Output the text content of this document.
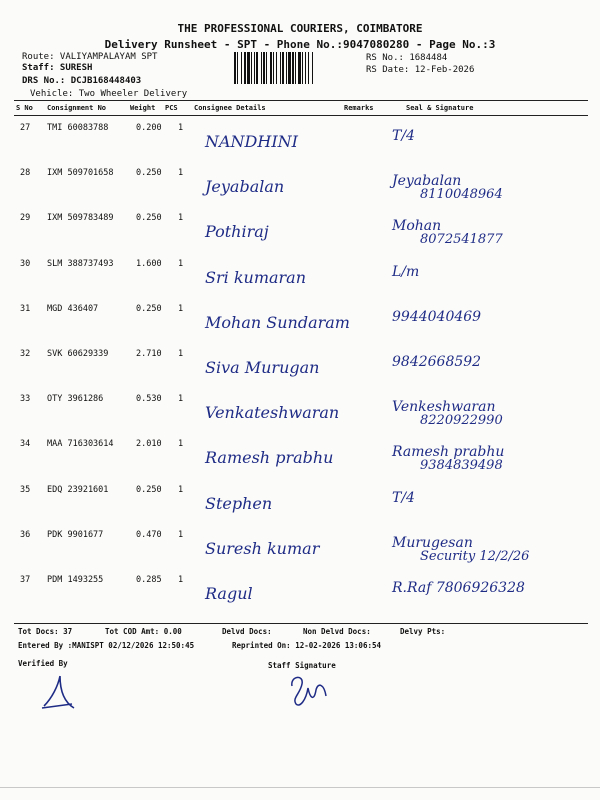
THE PROFESSIONAL COURIERS, COIMBATORE
Delivery Runsheet - SPT - Phone No.:9047080280 - Page No.:3
Route: VALIYAMPALAYAM SPT
Staff: SURESH
DRS No.: DCJB168448403
Vehicle: Two Wheeler Delivery
RS No.: 1684484
RS Date: 12-Feb-2026
S No Consignment No	Weight PCS Consignee Details	Remarks	Seal & Signature
27 TMI 60083788	0.200 1
NANDHINI	T/4
28 IXM 509701658	0.250 1
Jeyabalan	Jeyabalan
8110048964
29 IXM 509783489	0.250 1
Pothiraj	Mohan
8072541877
30 SLM 388737493	1.600 1
Sri kumaran	L/m
31 MGD 436407	0.250 1
Mohan Sundaram	9944040469
32 SVK 60629339	2.710 1
Siva Murugan	9842668592
33 OTY 3961286	0.530 1
Venkateshwaran	Venkeshwaran
8220922990
34 MAA 716303614	2.010 1
Ramesh prabhu	Ramesh prabhu
9384839498
35 EDQ 23921601	0.250 1
Stephen	T/4
36 PDK 9901677	0.470 1
Suresh kumar	Murugesan
Security 12/2/26
37 PDM 1493255	0.285 1
Ragul	R.Raf 7806926328
Tot Docs: 37	Tot COD Amt: 0.00	Delvd Docs:	Non Delvd Docs:	Delvy Pts:
Entered By :MANISPT 02/12/2026 12:50:45	Reprinted On: 12-02-2026 13:06:54
Verified By	Staff Signature
